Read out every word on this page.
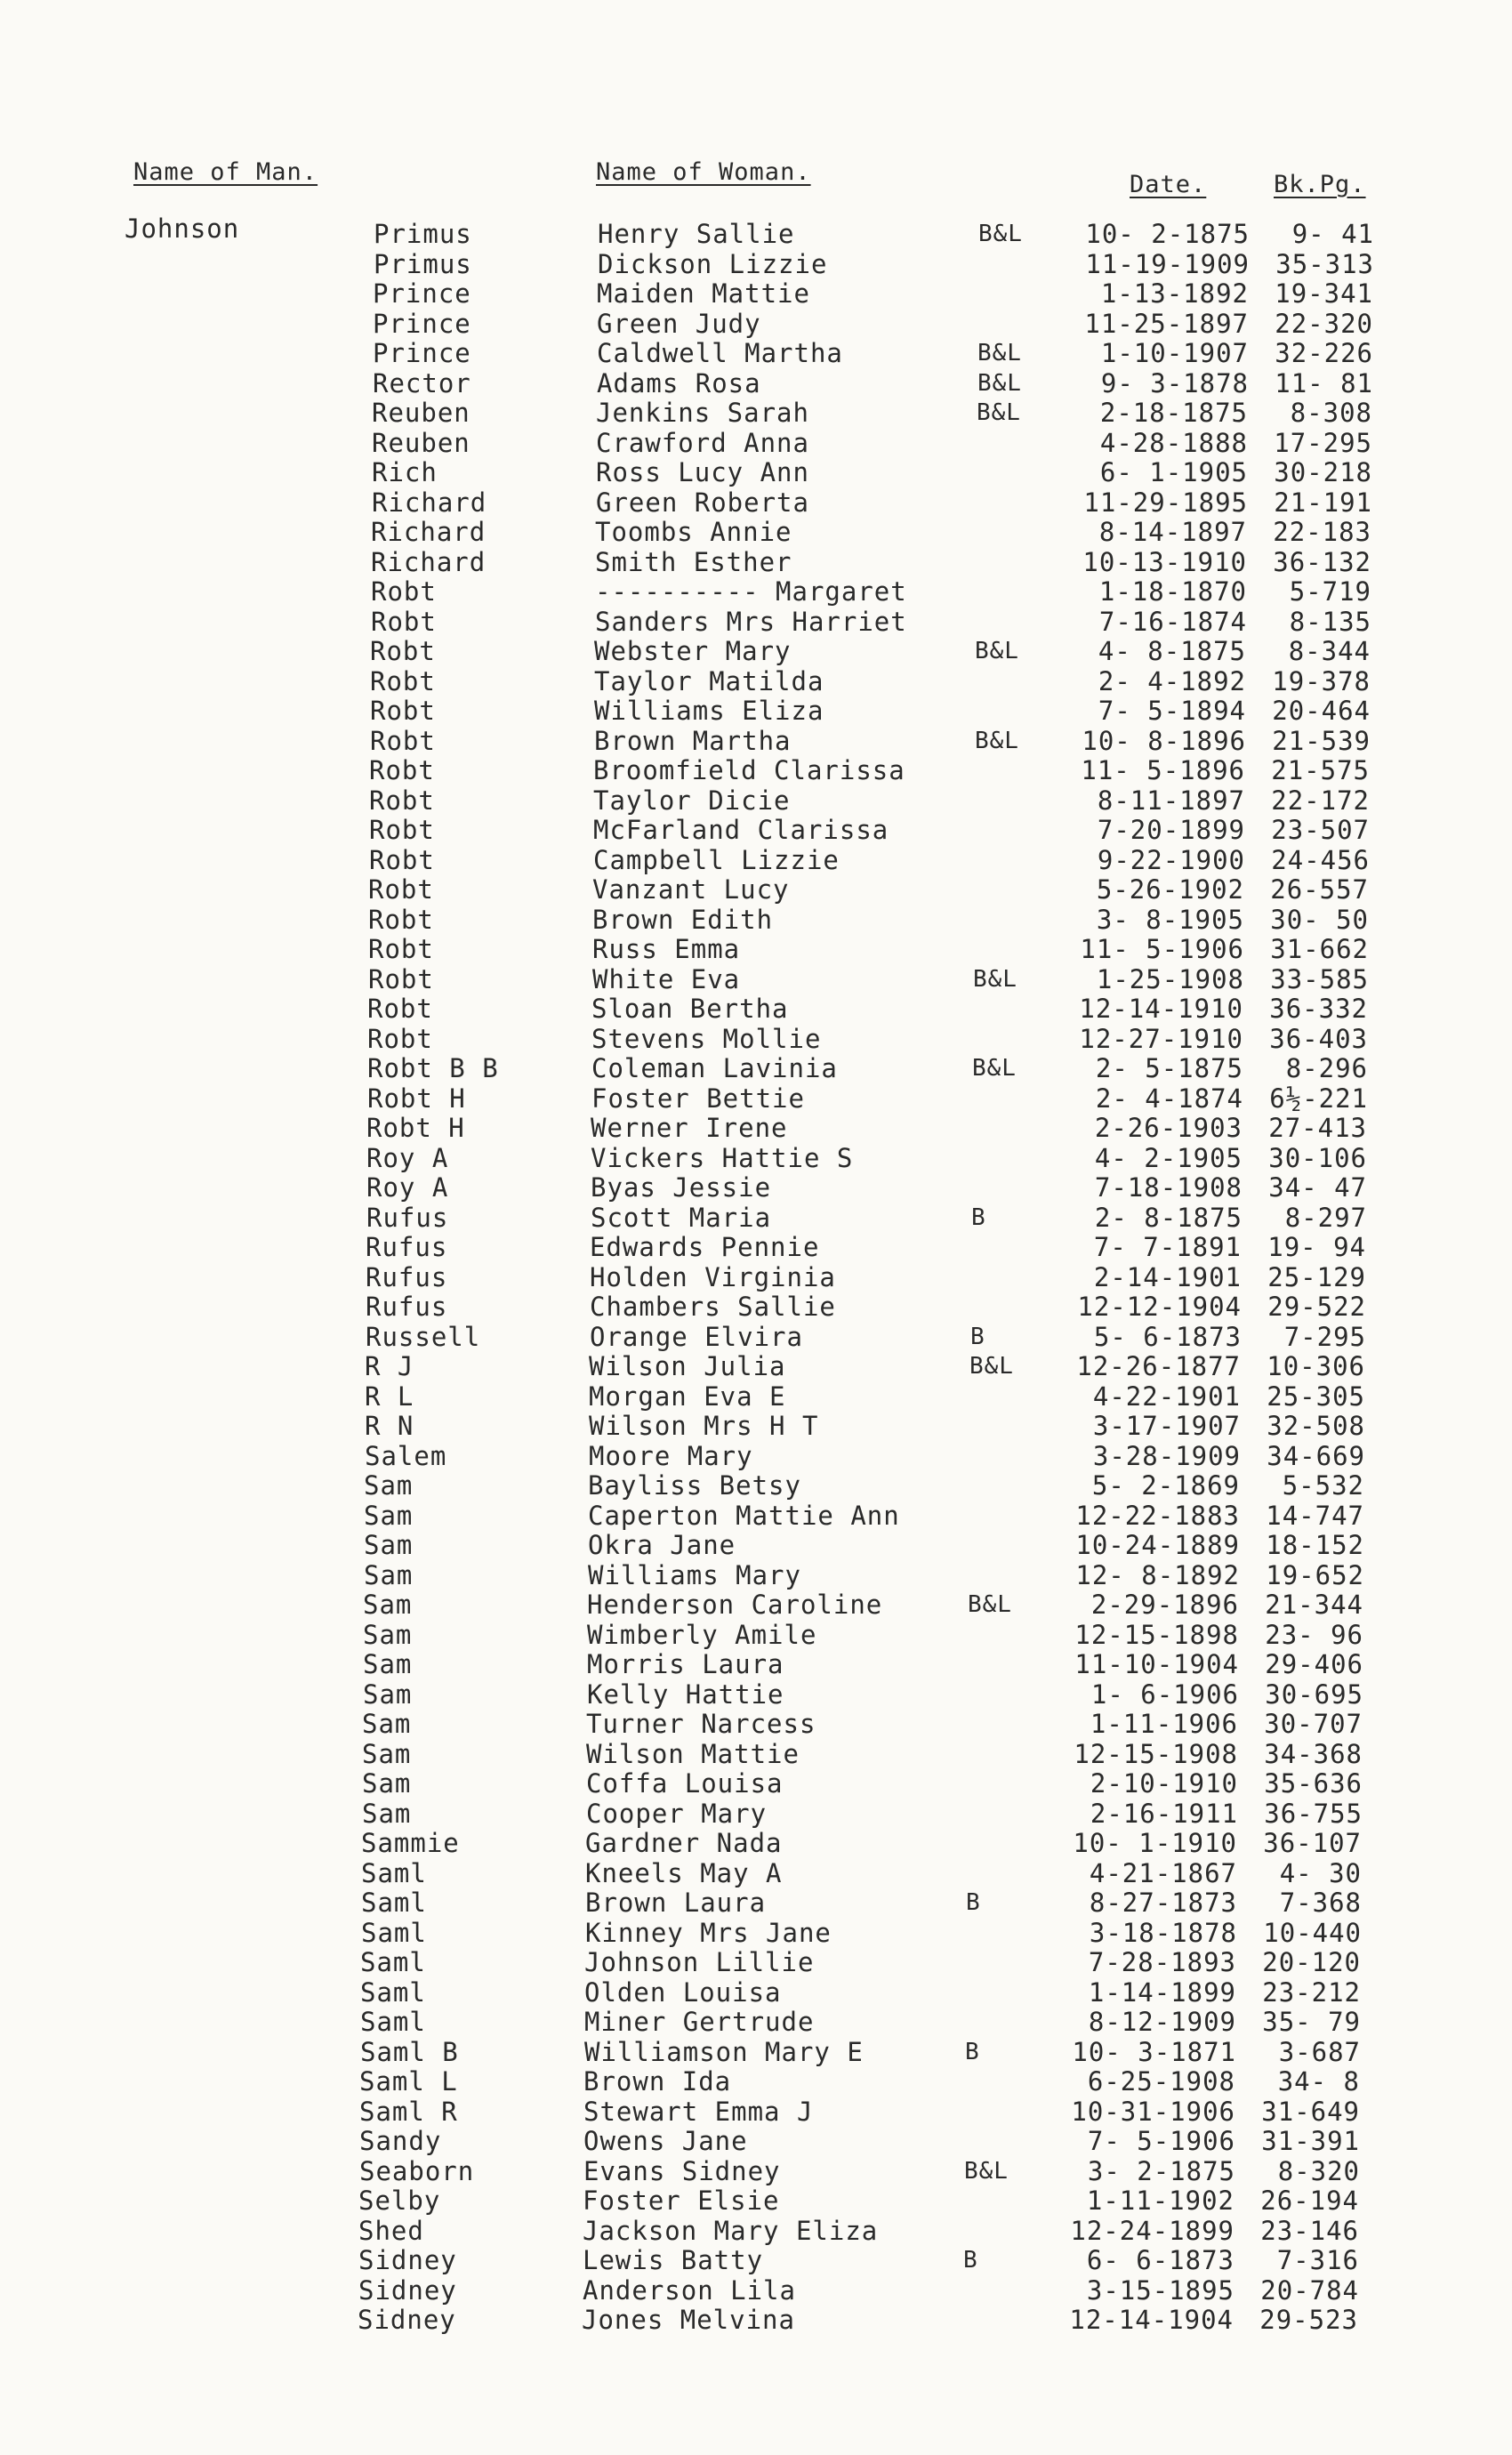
Name of Man.	Name of Woman.	Date.	Bk.Pg.
Johnson	Primus	Henry Sallie	B&L	10- 2-1875	9- 41
Primus	Dickson Lizzie	11-19-1909	35-313
Prince	Maiden Mattie	1-13-1892	19-341
Prince	Green Judy	11-25-1897	22-320
Prince	Caldwell Martha	B&L	1-10-1907	32-226
Rector	Adams Rosa	B&L	9- 3-1878	11- 81
Reuben	Jenkins Sarah	B&L	2-18-1875	8-308
Reuben	Crawford Anna	4-28-1888	17-295
Rich	Ross Lucy Ann	6- 1-1905	30-218
Richard	Green Roberta	11-29-1895	21-191
Richard	Toombs Annie	8-14-1897	22-183
Richard	Smith Esther	10-13-1910	36-132
Robt	---------- Margaret	1-18-1870	5-719
Robt	Sanders Mrs Harriet	7-16-1874	8-135
Robt	Webster Mary	B&L	4- 8-1875	8-344
Robt	Taylor Matilda	2- 4-1892	19-378
Robt	Williams Eliza	7- 5-1894	20-464
Robt	Brown Martha	B&L	10- 8-1896	21-539
Robt	Broomfield Clarissa	11- 5-1896	21-575
Robt	Taylor Dicie	8-11-1897	22-172
Robt	McFarland Clarissa	7-20-1899	23-507
Robt	Campbell Lizzie	9-22-1900	24-456
Robt	Vanzant Lucy	5-26-1902	26-557
Robt	Brown Edith	3- 8-1905	30- 50
Robt	Russ Emma	11- 5-1906	31-662
Robt	White Eva	B&L	1-25-1908	33-585
Robt	Sloan Bertha	12-14-1910	36-332
Robt	Stevens Mollie	12-27-1910	36-403
Robt B B	Coleman Lavinia	B&L	2- 5-1875	8-296
Robt H	Foster Bettie	2- 4-1874	6½-221
Robt H	Werner Irene	2-26-1903	27-413
Roy A	Vickers Hattie S	4- 2-1905	30-106
Roy A	Byas Jessie	7-18-1908	34- 47
Rufus	Scott Maria	B	2- 8-1875	8-297
Rufus	Edwards Pennie	7- 7-1891	19- 94
Rufus	Holden Virginia	2-14-1901	25-129
Rufus	Chambers Sallie	12-12-1904	29-522
Russell	Orange Elvira	B	5- 6-1873	7-295
R J	Wilson Julia	B&L	12-26-1877	10-306
R L	Morgan Eva E	4-22-1901	25-305
R N	Wilson Mrs H T	3-17-1907	32-508
Salem	Moore Mary	3-28-1909	34-669
Sam	Bayliss Betsy	5- 2-1869	5-532
Sam	Caperton Mattie Ann	12-22-1883	14-747
Sam	Okra Jane	10-24-1889	18-152
Sam	Williams Mary	12- 8-1892	19-652
Sam	Henderson Caroline	B&L	2-29-1896	21-344
Sam	Wimberly Amile	12-15-1898	23- 96
Sam	Morris Laura	11-10-1904	29-406
Sam	Kelly Hattie	1- 6-1906	30-695
Sam	Turner Narcess	1-11-1906	30-707
Sam	Wilson Mattie	12-15-1908	34-368
Sam	Coffa Louisa	2-10-1910	35-636
Sam	Cooper Mary	2-16-1911	36-755
Sammie	Gardner Nada	10- 1-1910	36-107
Saml	Kneels May A	4-21-1867	4- 30
Saml	Brown Laura	B	8-27-1873	7-368
Saml	Kinney Mrs Jane	3-18-1878	10-440
Saml	Johnson Lillie	7-28-1893	20-120
Saml	Olden Louisa	1-14-1899	23-212
Saml	Miner Gertrude	8-12-1909	35- 79
Saml B	Williamson Mary E	B	10- 3-1871	3-687
Saml L	Brown Ida	6-25-1908	34- 8
Saml R	Stewart Emma J	10-31-1906	31-649
Sandy	Owens Jane	7- 5-1906	31-391
Seaborn	Evans Sidney	B&L	3- 2-1875	8-320
Selby	Foster Elsie	1-11-1902	26-194
Shed	Jackson Mary Eliza	12-24-1899	23-146
Sidney	Lewis Batty	B	6- 6-1873	7-316
Sidney	Anderson Lila	3-15-1895	20-784
Sidney	Jones Melvina	12-14-1904	29-523
